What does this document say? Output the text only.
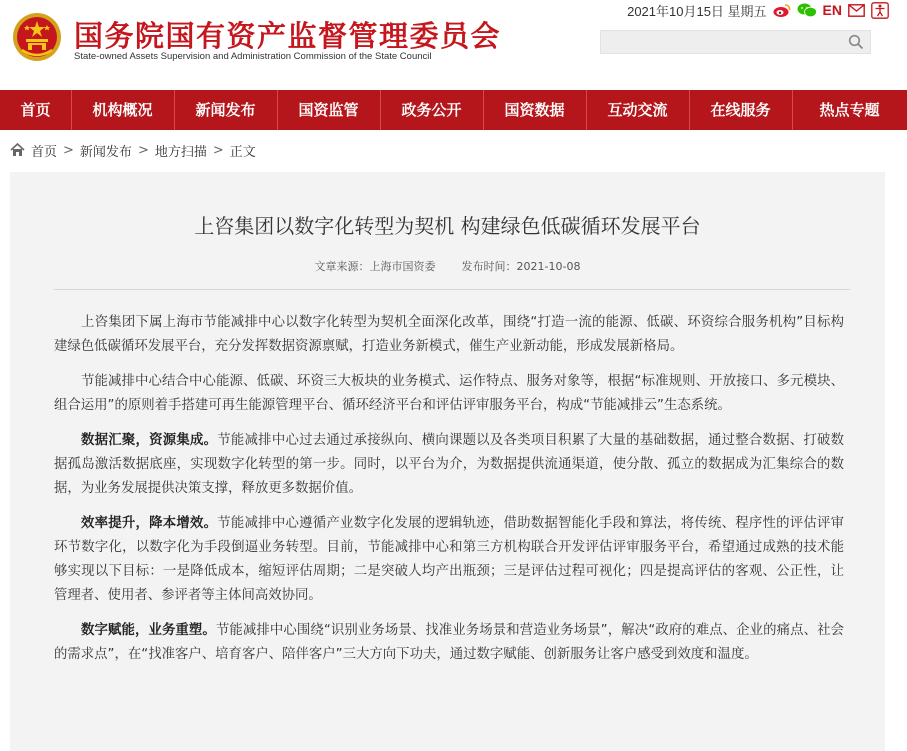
国务院国有资产监督管理委员会
State-owned Assets Supervision and Administration Commission of the State Council
2021年10月15日 星期五	EN
首页	机构概况	新闻发布	国资监管	政务公开	国资数据	互动交流	在线服务	热点专题
首页 > 新闻发布 > 地方扫描 > 正文
上咨集团以数字化转型为契机 构建绿色低碳循环发展平台
文章来源：上海市国资委 发布时间：2021-10-08

上咨集团下属上海市节能减排中心以数字化转型为契机全面深化改革，围绕“打造一流的能源、低碳、环资综合服务机构”目标构建绿色低碳循环发展平台，充分发挥数据资源禀赋，打造业务新模式，催生产业新动能，形成发展新格局。

节能减排中心结合中心能源、低碳、环资三大板块的业务模式、运作特点、服务对象等，根据“标准规则、开放接口、多元模块、组合运用”的原则着手搭建可再生能源管理平台、循环经济平台和评估评审服务平台，构成“节能减排云”生态系统。

数据汇聚，资源集成。节能减排中心过去通过承接纵向、横向课题以及各类项目积累了大量的基础数据，通过整合数据、打破数据孤岛激活数据底座，实现数字化转型的第一步。同时，以平台为介，为数据提供流通渠道，使分散、孤立的数据成为汇集综合的数据，为业务发展提供决策支撑，释放更多数据价值。

效率提升，降本增效。节能减排中心遵循产业数字化发展的逻辑轨迹，借助数据智能化手段和算法，将传统、程序性的评估评审环节数字化，以数字化为手段倒逼业务转型。目前，节能减排中心和第三方机构联合开发评估评审服务平台，希望通过成熟的技术能够实现以下目标：一是降低成本，缩短评估周期；二是突破人均产出瓶颈；三是评估过程可视化；四是提高评估的客观、公正性，让管理者、使用者、参评者等主体间高效协同。

数字赋能，业务重塑。节能减排中心围绕“识别业务场景、找准业务场景和营造业务场景”，解决“政府的难点、企业的痛点、社会的需求点”，在“找准客户、培育客户、陪伴客户”三大方向下功夫，通过数字赋能、创新服务让客户感受到效度和温度。
